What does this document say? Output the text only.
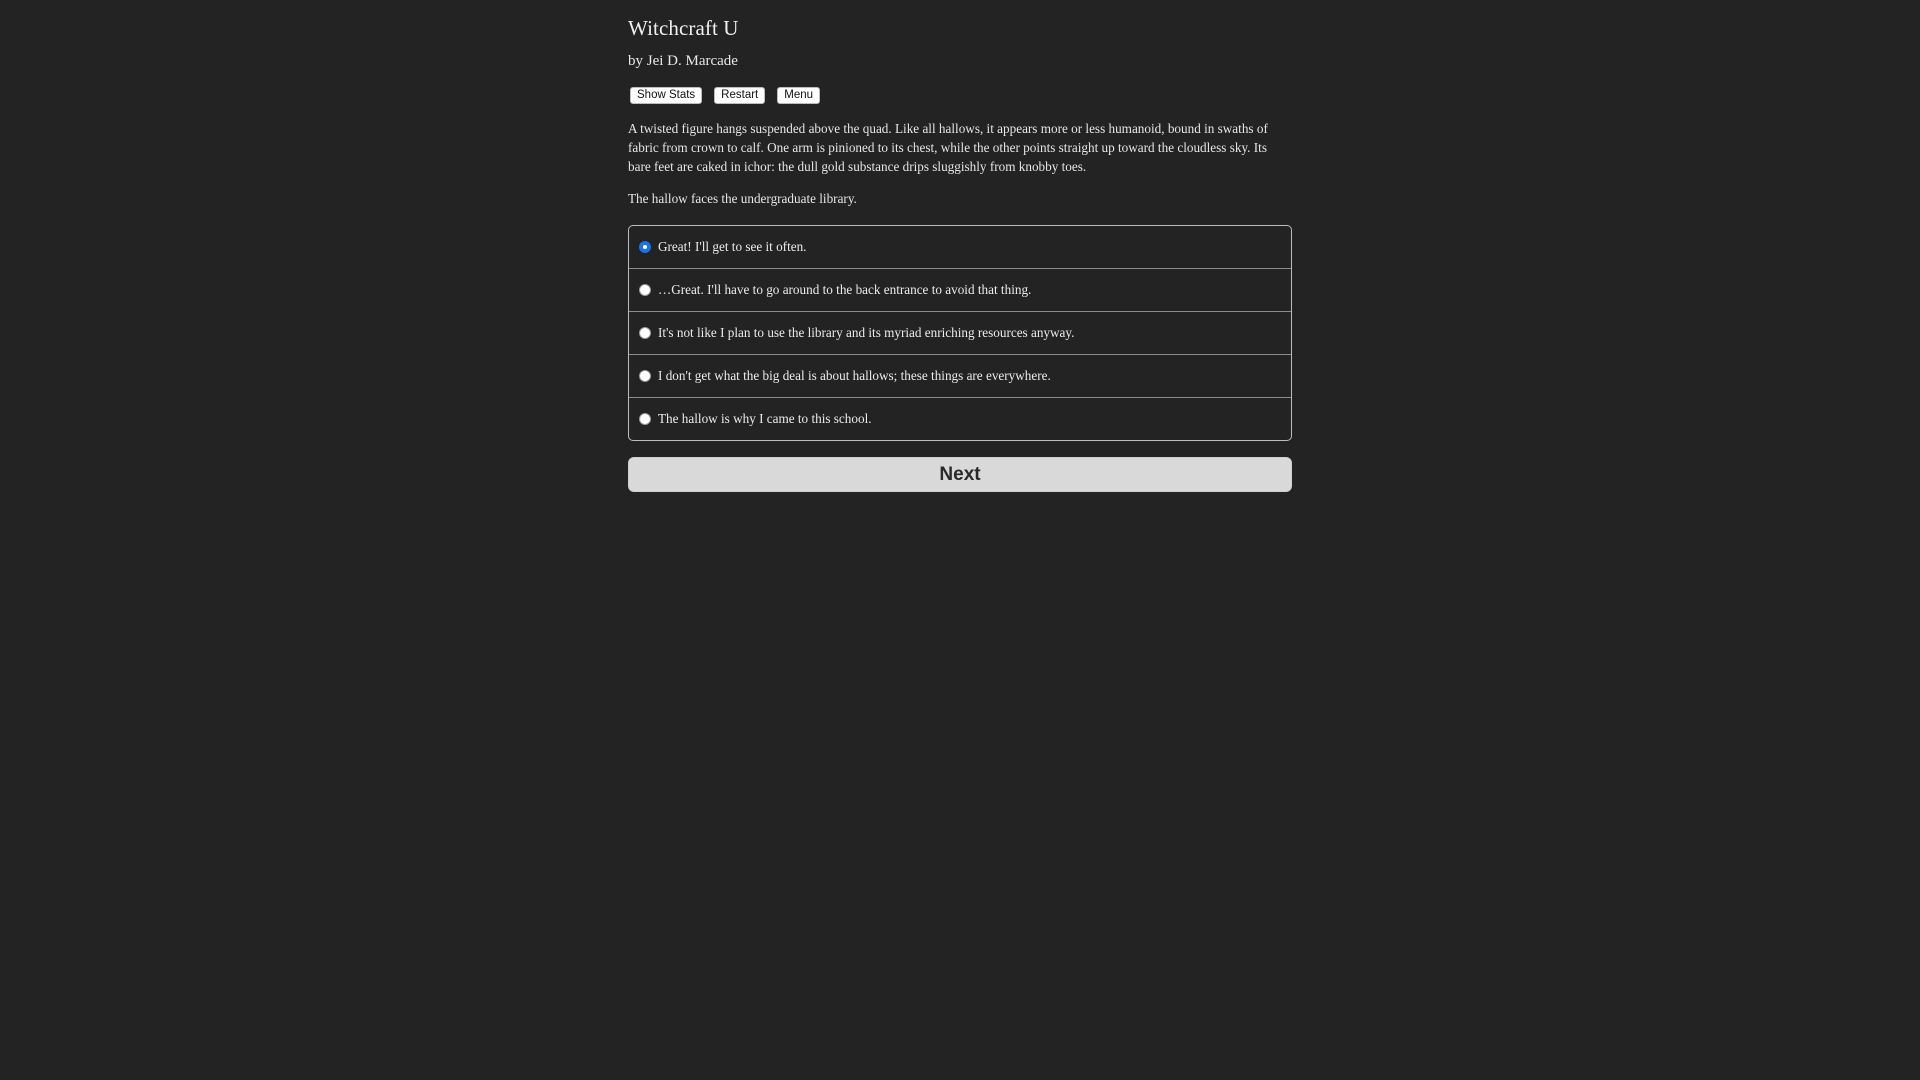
Witchcraft U
by Jei D. Marcade
Show Stats	Restart	Menu

A twisted figure hangs suspended above the quad. Like all hallows, it appears more or less humanoid, bound in swaths of fabric from crown to calf. One arm is pinioned to its chest, while the other points straight up toward the cloudless sky. Its bare feet are caked in ichor: the dull gold substance drips sluggishly from knobby toes.

The hallow faces the undergraduate library.

Great! I'll get to see it often.
…Great. I'll have to go around to the back entrance to avoid that thing.
It's not like I plan to use the library and its myriad enriching resources anyway.
I don't get what the big deal is about hallows; these things are everywhere.
The hallow is why I came to this school.
Next
